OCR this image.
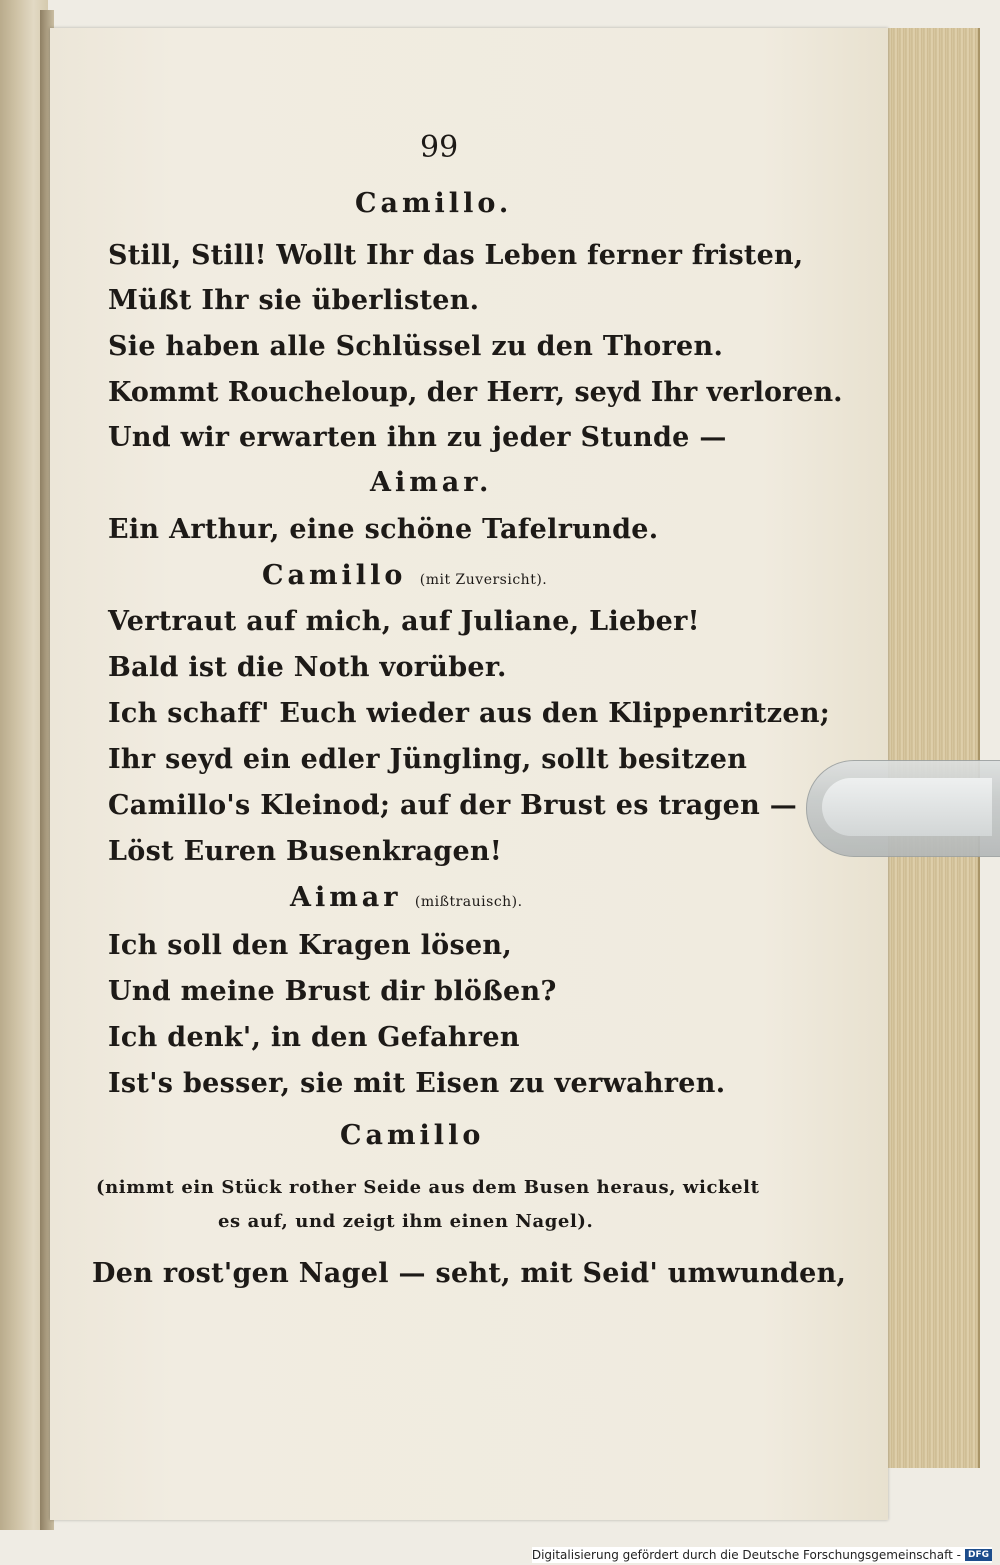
99
Camillo.
Still, Still! Wollt Ihr das Leben ferner fristen,
Müßt Ihr sie überlisten.
Sie haben alle Schlüssel zu den Thoren.
Kommt Roucheloup, der Herr, seyd Ihr verloren.
Und wir erwarten ihn zu jeder Stunde —
Aimar.
Ein Arthur, eine schöne Tafelrunde.
Camillo (mit Zuversicht).
Vertraut auf mich, auf Juliane, Lieber!
Bald ist die Noth vorüber.
Ich schaff' Euch wieder aus den Klippenritzen;
Ihr seyd ein edler Jüngling, sollt besitzen
Camillo's Kleinod; auf der Brust es tragen —
Löst Euren Busenkragen!
Aimar (mißtrauisch).
Ich soll den Kragen lösen,
Und meine Brust dir blößen?
Ich denk', in den Gefahren
Ist's besser, sie mit Eisen zu verwahren.
Camillo
(nimmt ein Stück rother Seide aus dem Busen heraus, wickelt
es auf, und zeigt ihm einen Nagel).
Den rost'gen Nagel — seht, mit Seid' umwunden,
Digitalisierung gefördert durch die Deutsche Forschungsgemeinschaft - DFG
